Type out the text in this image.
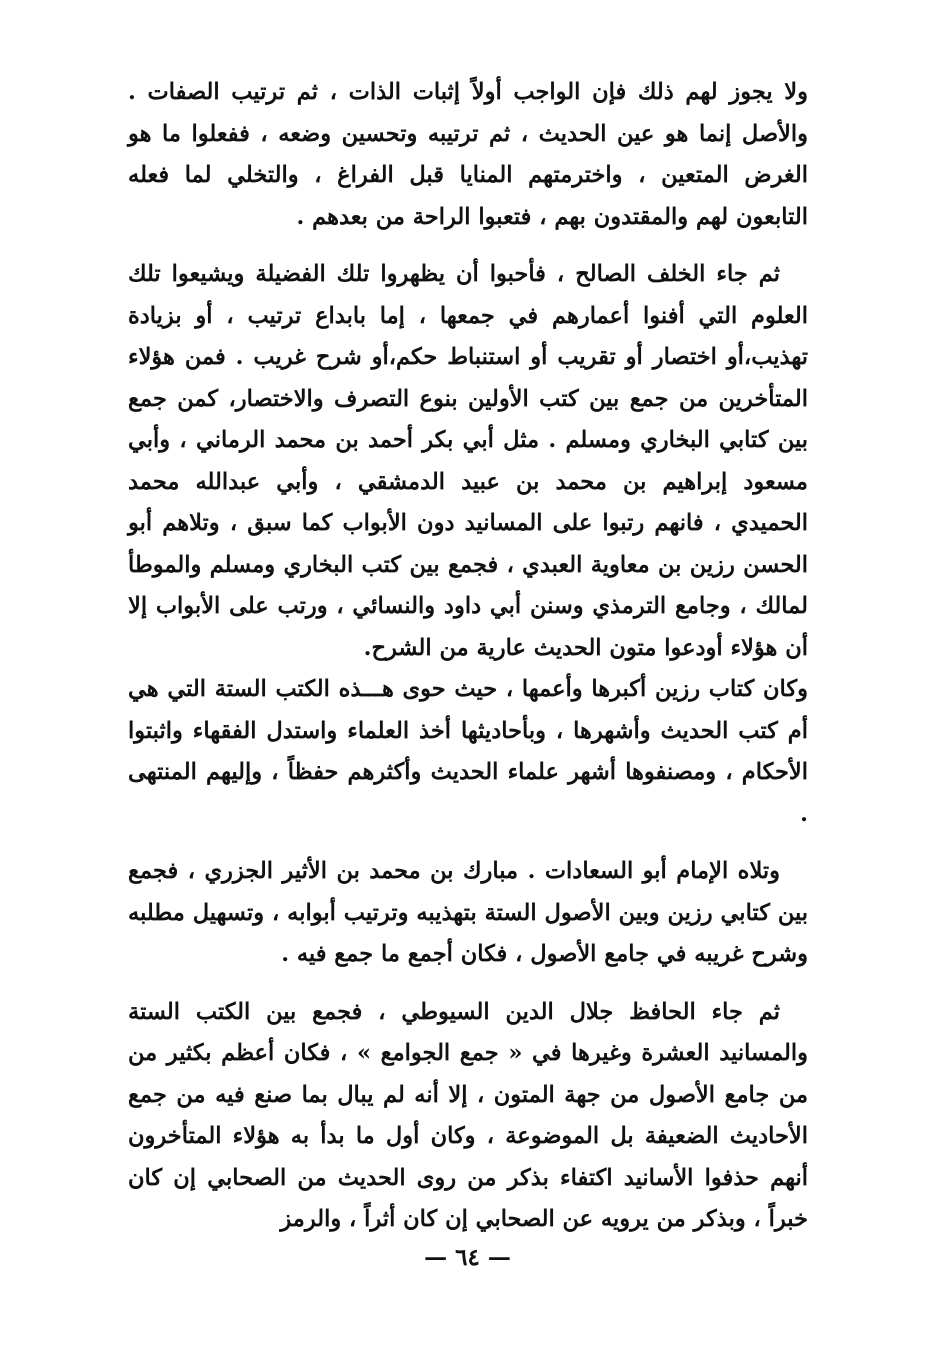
ولا يجوز لهم ذلك فإن الواجب أولاً إثبات الذات ، ثم ترتيب الصفات . والأصل إنما هو عين الحديث ، ثم ترتيبه وتحسين وضعه ، ففعلوا ما هو الغرض المتعين ، واخترمتهم المنايا قبل الفراغ ، والتخلي لما فعله التابعون لهم والمقتدون بهم ، فتعبوا الراحة من بعدهم .

ثم جاء الخلف الصالح ، فأحبوا أن يظهروا تلك الفضيلة ويشيعوا تلك العلوم التي أفنوا أعمارهم في جمعها ، إما بابداع ترتيب ، أو بزيادة تهذيب،أو اختصار أو تقريب أو استنباط حكم،أو شرح غريب . فمن هؤلاء المتأخرين من جمع بين كتب الأولين بنوع التصرف والاختصار، كمن جمع بين كتابي البخاري ومسلم . مثل أبي بكر أحمد بن محمد الرماني ، وأبي مسعود إبراهيم بن محمد بن عبيد الدمشقي ، وأبي عبدالله محمد الحميدي ، فانهم رتبوا على المسانيد دون الأبواب كما سبق ، وتلاهم أبو الحسن رزين بن معاوية العبدي ، فجمع بين كتب البخاري ومسلم والموطأ لمالك ، وجامع الترمذي وسنن أبي داود والنسائي ، ورتب على الأبواب إلا أن هؤلاء أودعوا متون الحديث عارية من الشرح.

وكان كتاب رزين أكبرها وأعمها ، حيث حوى هـــذه الكتب الستة التي هي أم كتب الحديث وأشهرها ، وبأحاديثها أخذ العلماء واستدل الفقهاء واثبتوا الأحكام ، ومصنفوها أشهر علماء الحديث وأكثرهم حفظاً ، وإليهم المنتهى .

وتلاه الإمام أبو السعادات . مبارك بن محمد بن الأثير الجزري ، فجمع بين كتابي رزين وبين الأصول الستة بتهذيبه وترتيب أبوابه ، وتسهيل مطلبه وشرح غريبه في جامع الأصول ، فكان أجمع ما جمع فيه .

ثم جاء الحافظ جلال الدين السيوطي ، فجمع بين الكتب الستة والمسانيد العشرة وغيرها في « جمع الجوامع » ، فكان أعظم بكثير من من جامع الأصول من جهة المتون ، إلا أنه لم يبال بما صنع فيه من جمع الأحاديث الضعيفة بل الموضوعة ، وكان أول ما بدأ به هؤلاء المتأخرون أنهم حذفوا الأسانيد اكتفاء بذكر من روى الحديث من الصحابي إن كان خبراً ، وبذكر من يرويه عن الصحابي إن كان أثراً ، والرمز

— ٦٤ —
